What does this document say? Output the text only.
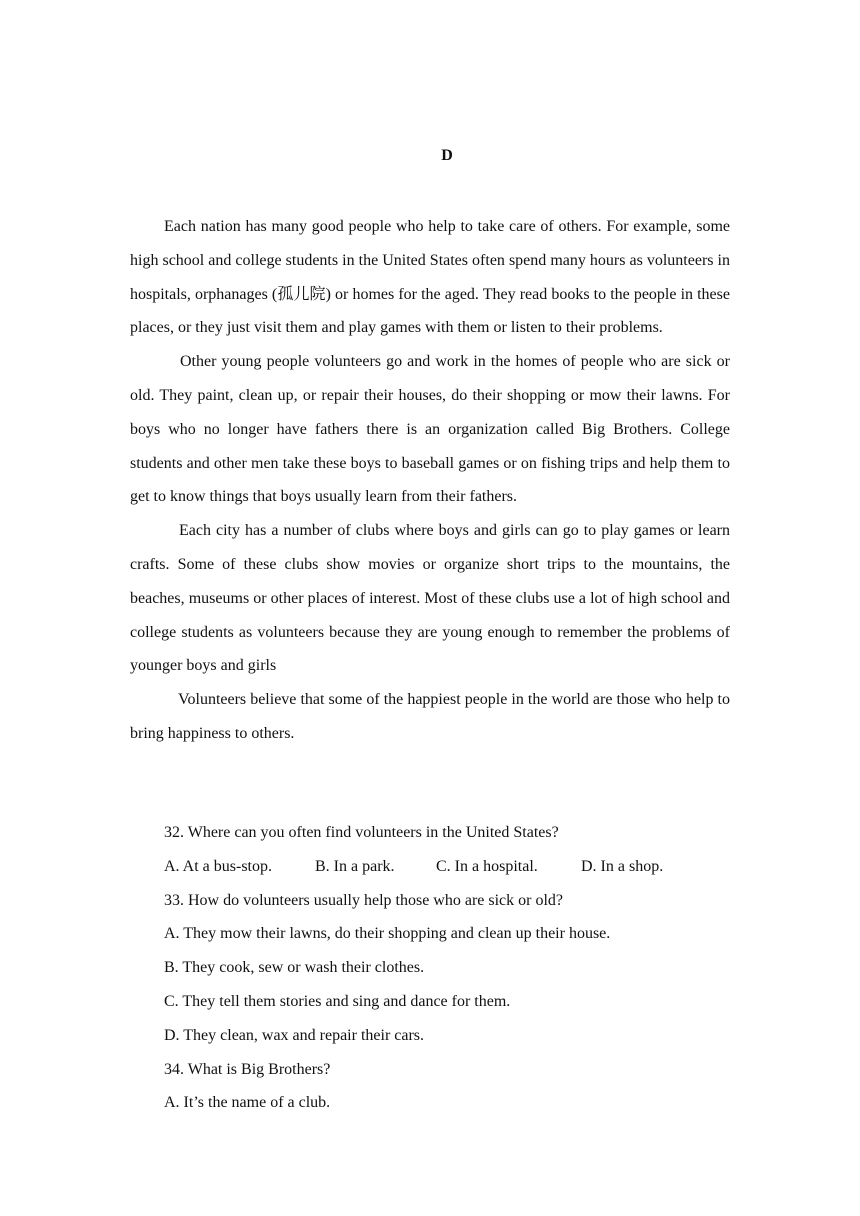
D

Each nation has many good people who help to take care of others. For example, some high school and college students in the United States often spend many hours as volunteers in hospitals, orphanages (孤儿院) or homes for the aged. They read books to the people in these places, or they just visit them and play games with them or listen to their problems.

Other young people volunteers go and work in the homes of people who are sick or old. They paint, clean up, or repair their houses, do their shopping or mow their lawns. For boys who no longer have fathers there is an organization called Big Brothers. College students and other men take these boys to baseball games or on fishing trips and help them to get to know things that boys usually learn from their fathers.

Each city has a number of clubs where boys and girls can go to play games or learn crafts. Some of these clubs show movies or organize short trips to the mountains, the beaches, museums or other places of interest. Most of these clubs use a lot of high school and college students as volunteers because they are young enough to remember the problems of younger boys and girls

Volunteers believe that some of the happiest people in the world are those who help to bring happiness to others.

32. Where can you often find volunteers in the United States?
A. At a bus-stop.	B. In a park.	C. In a hospital.	D. In a shop.
33. How do volunteers usually help those who are sick or old?
A. They mow their lawns, do their shopping and clean up their house.
B. They cook, sew or wash their clothes.
C. They tell them stories and sing and dance for them.
D. They clean, wax and repair their cars.
34. What is Big Brothers?
A. It’s the name of a club.
